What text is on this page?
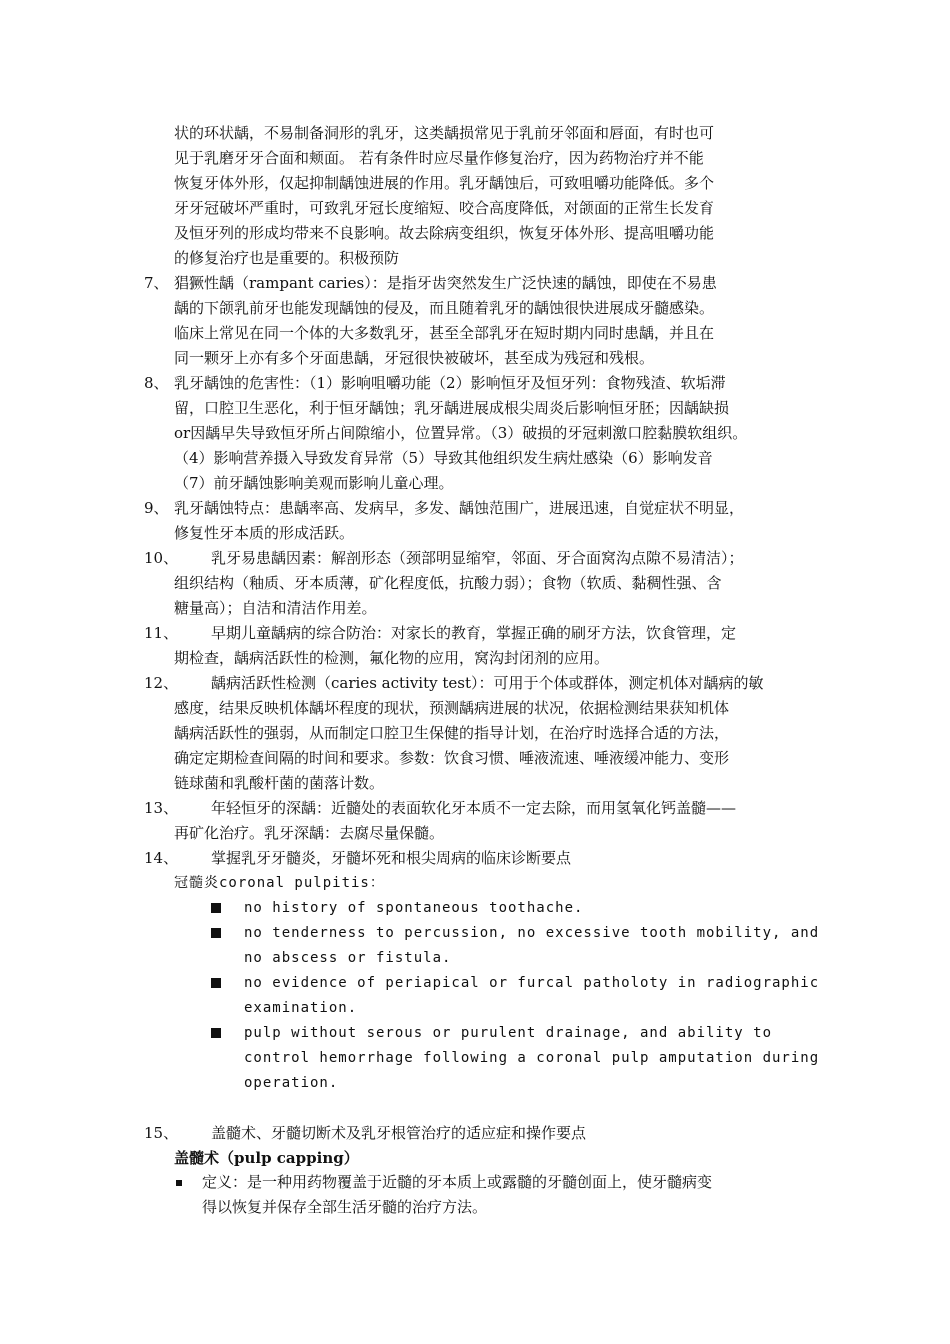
状的环状龋，不易制备洞形的乳牙，这类龋损常见于乳前牙邻面和唇面，有时也可
见于乳磨牙牙合面和颊面。 若有条件时应尽量作修复治疗，因为药物治疗并不能
恢复牙体外形，仅起抑制龋蚀进展的作用。乳牙龋蚀后，可致咀嚼功能降低。多个
牙牙冠破坏严重时，可致乳牙冠长度缩短、咬合高度降低，对颌面的正常生长发育
及恒牙列的形成均带来不良影响。故去除病变组织，恢复牙体外形、提高咀嚼功能
的修复治疗也是重要的。积极预防
7、 猖獗性龋（rampant caries）：是指牙齿突然发生广泛快速的龋蚀，即使在不易患
龋的下颌乳前牙也能发现龋蚀的侵及，而且随着乳牙的龋蚀很快进展成牙髓感染。
临床上常见在同一个体的大多数乳牙，甚至全部乳牙在短时期内同时患龋，并且在
同一颗牙上亦有多个牙面患龋，牙冠很快被破坏，甚至成为残冠和残根。
8、 乳牙龋蚀的危害性：（1）影响咀嚼功能（2）影响恒牙及恒牙列：食物残渣、软垢滞
留，口腔卫生恶化，利于恒牙龋蚀；乳牙龋进展成根尖周炎后影响恒牙胚；因龋缺损
or因龋早失导致恒牙所占间隙缩小，位置异常。（3）破损的牙冠刺激口腔黏膜软组织。
（4）影响营养摄入导致发育异常（5）导致其他组织发生病灶感染（6）影响发音
（7）前牙龋蚀影响美观而影响儿童心理。
9、 乳牙龋蚀特点：患龋率高、发病早，多发、龋蚀范围广，进展迅速，自觉症状不明显，
修复性牙本质的形成活跃。
10、 乳牙易患龋因素：解剖形态（颈部明显缩窄，邻面、牙合面窝沟点隙不易清洁）；
组织结构（釉质、牙本质薄，矿化程度低，抗酸力弱）；食物（软质、黏稠性强、含
糖量高）；自洁和清洁作用差。
11、 早期儿童龋病的综合防治：对家长的教育，掌握正确的刷牙方法，饮食管理，定
期检查，龋病活跃性的检测，氟化物的应用，窝沟封闭剂的应用。
12、 龋病活跃性检测（caries activity test）：可用于个体或群体，测定机体对龋病的敏
感度，结果反映机体龋坏程度的现状，预测龋病进展的状况，依据检测结果获知机体
龋病活跃性的强弱，从而制定口腔卫生保健的指导计划，在治疗时选择合适的方法，
确定定期检查间隔的时间和要求。参数：饮食习惯、唾液流速、唾液缓冲能力、变形
链球菌和乳酸杆菌的菌落计数。
13、 年轻恒牙的深龋：近髓处的表面软化牙本质不一定去除，而用氢氧化钙盖髓——
再矿化治疗。乳牙深龋：去腐尽量保髓。
14、 掌握乳牙牙髓炎，牙髓坏死和根尖周病的临床诊断要点
冠髓炎coronal pulpitis：
no history of spontaneous toothache.
no tenderness to percussion, no excessive tooth mobility, and
no abscess or fistula.
no evidence of periapical or furcal patholoty in radiographic
examination.
pulp without serous or purulent drainage, and ability to
control hemorrhage following a coronal pulp amputation during
operation.
15、 盖髓术、牙髓切断术及乳牙根管治疗的适应症和操作要点
盖髓术（pulp capping）
定义：是一种用药物覆盖于近髓的牙本质上或露髓的牙髓创面上，使牙髓病变
得以恢复并保存全部生活牙髓的治疗方法。
